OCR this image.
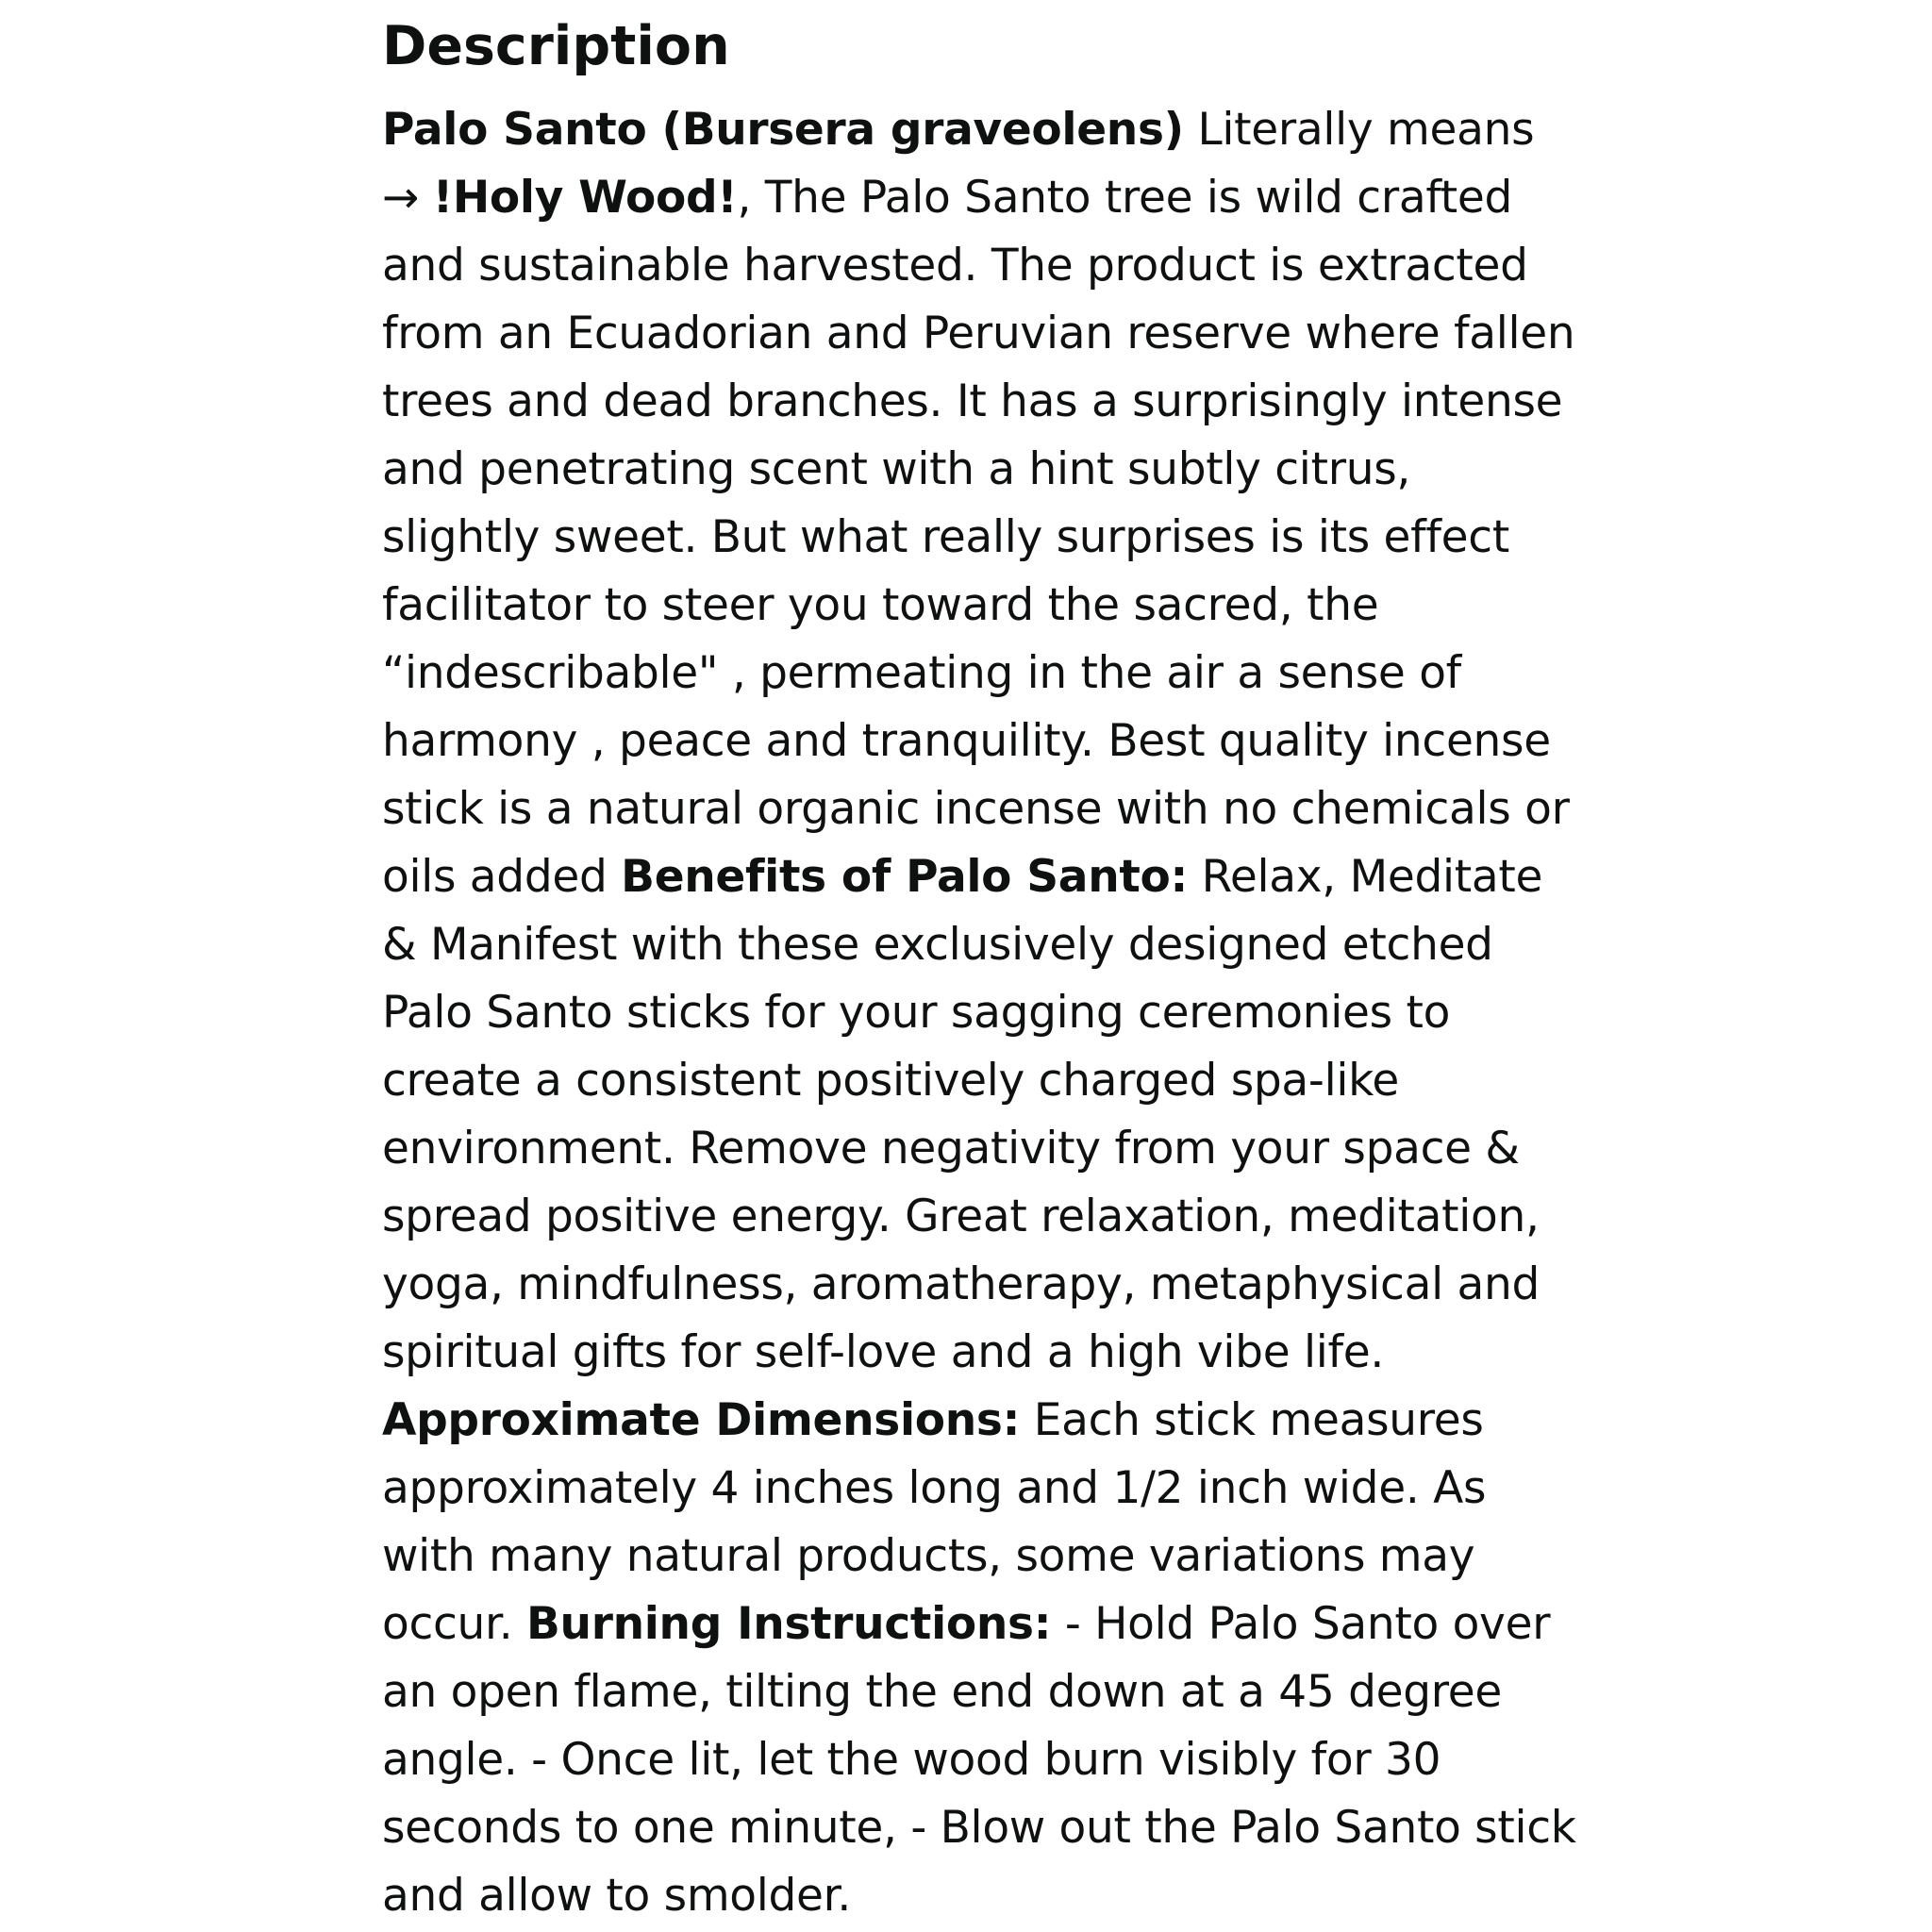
Description

Palo Santo (Bursera graveolens) Literally means → !Holy Wood!, The Palo Santo tree is wild crafted and sustainable harvested. The product is extracted from an Ecuadorian and Peruvian reserve where fallen trees and dead branches. It has a surprisingly intense and penetrating scent with a hint subtly citrus, slightly sweet. But what really surprises is its effect facilitator to steer you toward the sacred, the “indescribable" , permeating in the air a sense of harmony , peace and tranquility. Best quality incense stick is a natural organic incense with no chemicals or oils added Benefits of Palo Santo: Relax, Meditate & Manifest with these exclusively designed etched Palo Santo sticks for your sagging ceremonies to create a consistent positively charged spa-like environment. Remove negativity from your space & spread positive energy. Great relaxation, meditation, yoga, mindfulness, aromatherapy, metaphysical and spiritual gifts for self-love and a high vibe life. Approximate Dimensions: Each stick measures approximately 4 inches long and 1/2 inch wide. As with many natural products, some variations may occur. Burning Instructions: - Hold Palo Santo over an open flame, tilting the end down at a 45 degree angle. - Once lit, let the wood burn visibly for 30 seconds to one minute, - Blow out the Palo Santo stick and allow to smolder.
